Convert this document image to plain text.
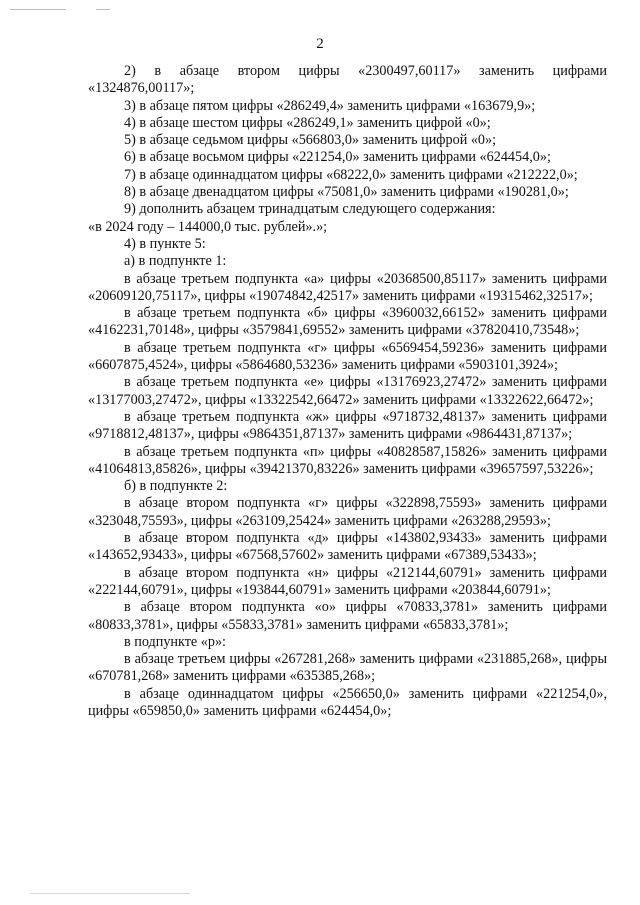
2

2) в абзаце втором цифры «2300497,60117» заменить цифрами «1324876,00117»;

3) в абзаце пятом цифры «286249,4» заменить цифрами «163679,9»;

4) в абзаце шестом цифры «286249,1» заменить цифрой «0»;

5) в абзаце седьмом цифры «566803,0» заменить цифрой «0»;

6) в абзаце восьмом цифры «221254,0» заменить цифрами «624454,0»;

7) в абзаце одиннадцатом цифры «68222,0» заменить цифрами «212222,0»;

8) в абзаце двенадцатом цифры «75081,0» заменить цифрами «190281,0»;

9) дополнить абзацем тринадцатым следующего содержания:

«в 2024 году – 144000,0 тыс. рублей».»;

4) в пункте 5:

а) в подпункте 1:

в абзаце третьем подпункта «а» цифры «20368500,85117» заменить цифрами «20609120,75117», цифры «19074842,42517» заменить цифрами «19315462,32517»;

в абзаце третьем подпункта «б» цифры «3960032,66152» заменить цифрами «4162231,70148», цифры «3579841,69552» заменить цифрами «37820410,73548»;

в абзаце третьем подпункта «г» цифры «6569454,59236» заменить цифрами «6607875,4524», цифры «5864680,53236» заменить цифрами «5903101,3924»;

в абзаце третьем подпункта «е» цифры «13176923,27472» заменить цифрами «13177003,27472», цифры «13322542,66472» заменить цифрами «13322622,66472»;

в абзаце третьем подпункта «ж» цифры «9718732,48137» заменить цифрами «9718812,48137», цифры «9864351,87137» заменить цифрами «9864431,87137»;

в абзаце третьем подпункта «п» цифры «40828587,15826» заменить цифрами «41064813,85826», цифры «39421370,83226» заменить цифрами «39657597,53226»;

б) в подпункте 2:

в абзаце втором подпункта «г» цифры «322898,75593» заменить цифрами «323048,75593», цифры «263109,25424» заменить цифрами «263288,29593»;

в абзаце втором подпункта «д» цифры «143802,93433» заменить цифрами «143652,93433», цифры «67568,57602» заменить цифрами «67389,53433»;

в абзаце втором подпункта «н» цифры «212144,60791» заменить цифрами «222144,60791», цифры «193844,60791» заменить цифрами «203844,60791»;

в абзаце втором подпункта «о» цифры «70833,3781» заменить цифрами «80833,3781», цифры «55833,3781» заменить цифрами «65833,3781»;

в подпункте «р»:

в абзаце третьем цифры «267281,268» заменить цифрами «231885,268», цифры «670781,268» заменить цифрами «635385,268»;

в абзаце одиннадцатом цифры «256650,0» заменить цифрами «221254,0», цифры «659850,0» заменить цифрами «624454,0»;
